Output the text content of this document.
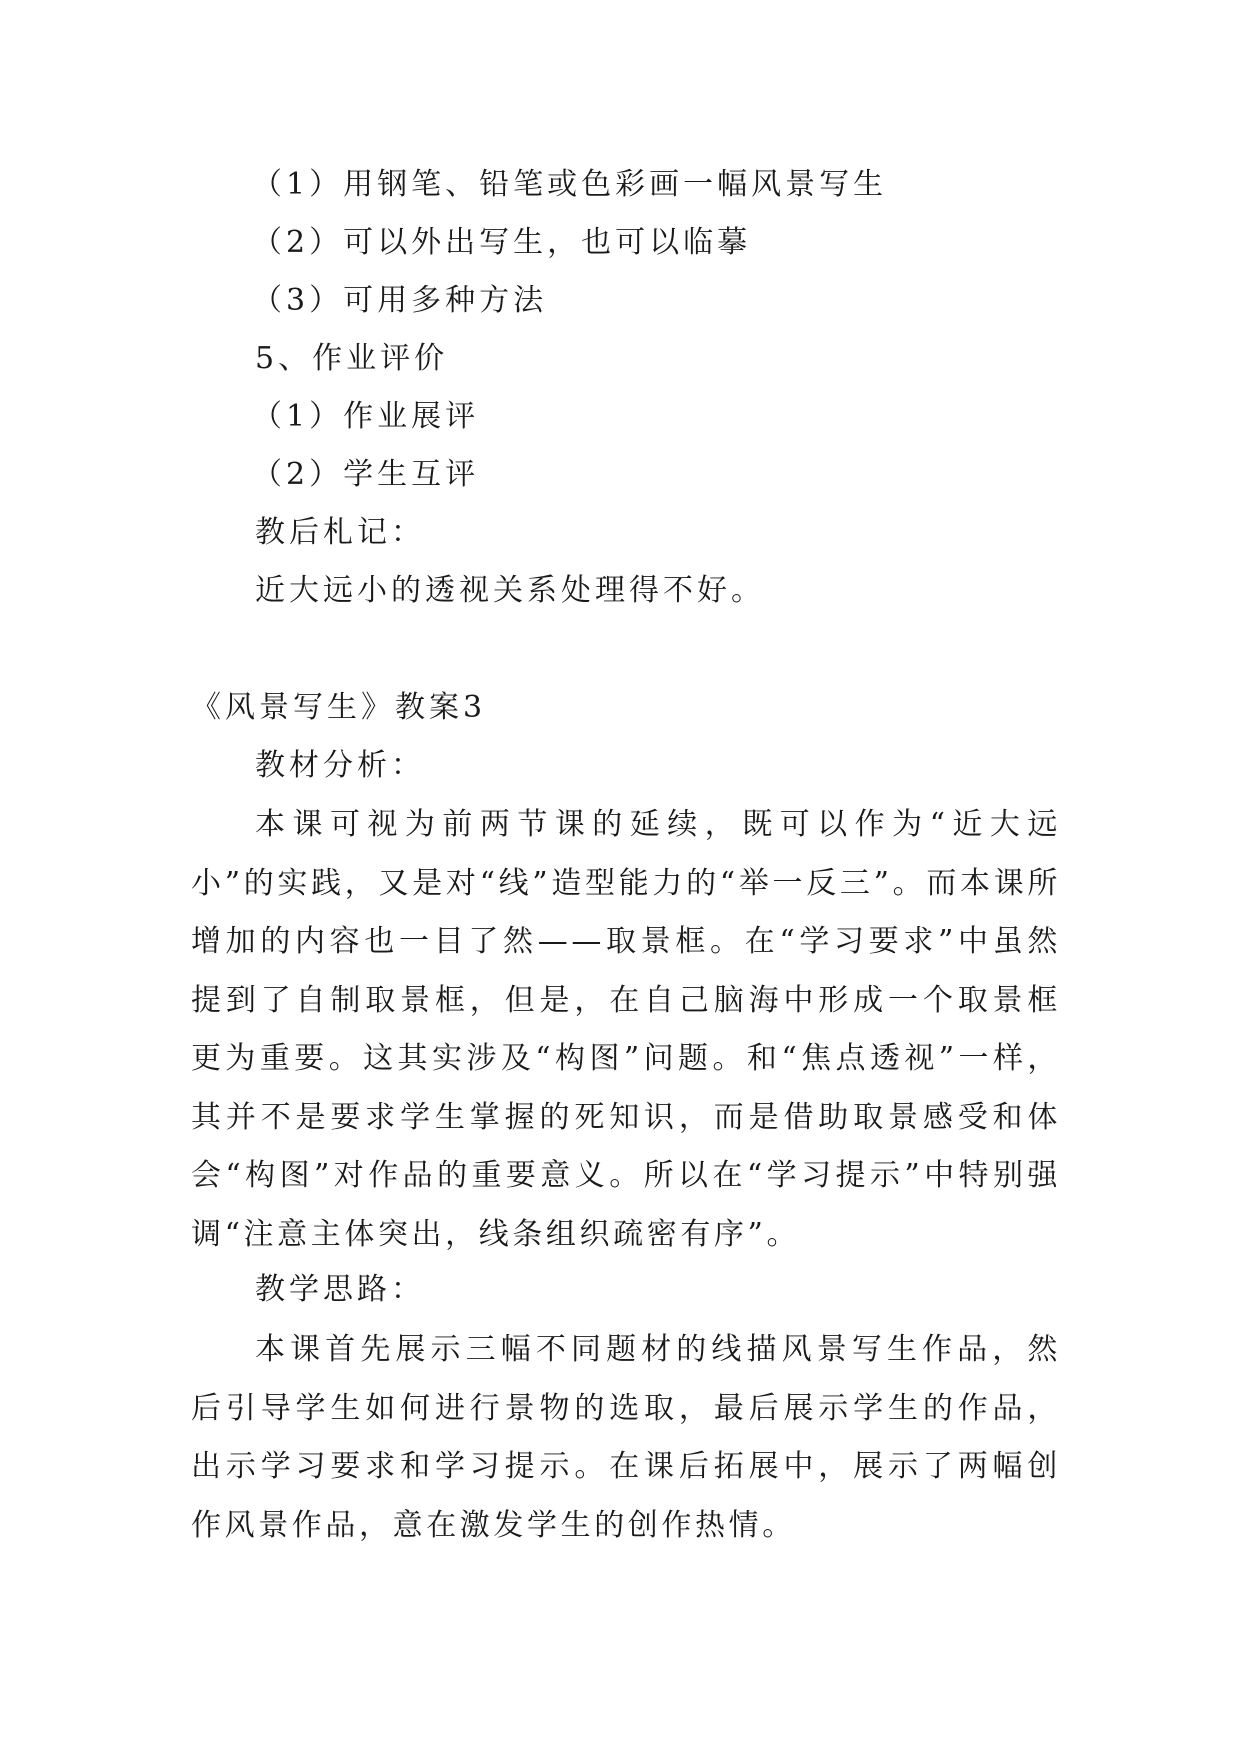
（1）用钢笔、铅笔或色彩画一幅风景写生

（2）可以外出写生，也可以临摹

（3）可用多种方法

5、作业评价

（1）作业展评

（2）学生互评

教后札记：

近大远小的透视关系处理得不好。

《风景写生》教案3

教材分析：

本课可视为前两节课的延续，既可以作为“近大远小”的实践，又是对“线”造型能力的“举一反三”。而本课所增加的内容也一目了然——取景框。在“学习要求”中虽然提到了自制取景框，但是，在自己脑海中形成一个取景框更为重要。这其实涉及“构图”问题。和“焦点透视”一样，其并不是要求学生掌握的死知识，而是借助取景感受和体会“构图”对作品的重要意义。所以在“学习提示”中特别强调“注意主体突出，线条组织疏密有序”。

教学思路：

本课首先展示三幅不同题材的线描风景写生作品，然后引导学生如何进行景物的选取，最后展示学生的作品，出示学习要求和学习提示。在课后拓展中，展示了两幅创作风景作品，意在激发学生的创作热情。
